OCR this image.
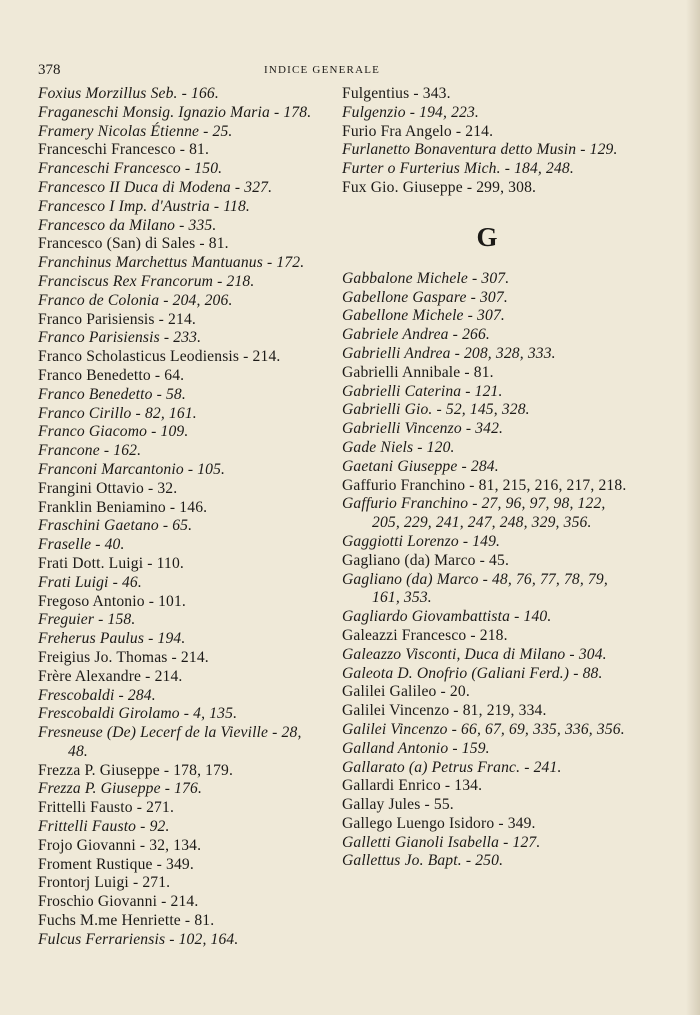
378	INDICE GENERALE
Foxius Morzillus Seb. - 166.
Fraganeschi Monsig. Ignazio Maria - 178.
Framery Nicolas Étienne - 25.
Franceschi Francesco - 81.
Franceschi Francesco - 150.
Francesco II Duca di Modena - 327.
Francesco I Imp. d'Austria - 118.
Francesco da Milano - 335.
Francesco (San) di Sales - 81.
Franchinus Marchettus Mantuanus - 172.
Franciscus Rex Francorum - 218.
Franco de Colonia - 204, 206.
Franco Parisiensis - 214.
Franco Parisiensis - 233.
Franco Scholasticus Leodiensis - 214.
Franco Benedetto - 64.
Franco Benedetto - 58.
Franco Cirillo - 82, 161.
Franco Giacomo - 109.
Francone - 162.
Franconi Marcantonio - 105.
Frangini Ottavio - 32.
Franklin Beniamino - 146.
Fraschini Gaetano - 65.
Fraselle - 40.
Frati Dott. Luigi - 110.
Frati Luigi - 46.
Fregoso Antonio - 101.
Freguier - 158.
Freherus Paulus - 194.
Freigius Jo. Thomas - 214.
Frère Alexandre - 214.
Frescobaldi - 284.
Frescobaldi Girolamo - 4, 135.
Fresneuse (De) Lecerf de la Vieville - 28, 48.
Frezza P. Giuseppe - 178, 179.
Frezza P. Giuseppe - 176.
Frittelli Fausto - 271.
Frittelli Fausto - 92.
Frojo Giovanni - 32, 134.
Froment Rustique - 349.
Frontorj Luigi - 271.
Froschio Giovanni - 214.
Fuchs M.me Henriette - 81.
Fulcus Ferrariensis - 102, 164.
Fulgentius - 343.
Fulgenzio - 194, 223.
Furio Fra Angelo - 214.
Furlanetto Bonaventura detto Musin - 129.
Furter o Furterius Mich. - 184, 248.
Fux Gio. Giuseppe - 299, 308.
G
Gabbalone Michele - 307.
Gabellone Gaspare - 307.
Gabellone Michele - 307.
Gabriele Andrea - 266.
Gabrielli Andrea - 208, 328, 333.
Gabrielli Annibale - 81.
Gabrielli Caterina - 121.
Gabrielli Gio. - 52, 145, 328.
Gabrielli Vincenzo - 342.
Gade Niels - 120.
Gaetani Giuseppe - 284.
Gaffurio Franchino - 81, 215, 216, 217, 218.
Gaffurio Franchino - 27, 96, 97, 98, 122, 205, 229, 241, 247, 248, 329, 356.
Gaggiotti Lorenzo - 149.
Gagliano (da) Marco - 45.
Gagliano (da) Marco - 48, 76, 77, 78, 79, 161, 353.
Gagliardo Giovambattista - 140.
Galeazzi Francesco - 218.
Galeazzo Visconti, Duca di Milano - 304.
Galeota D. Onofrio (Galiani Ferd.) - 88.
Galilei Galileo - 20.
Galilei Vincenzo - 81, 219, 334.
Galilei Vincenzo - 66, 67, 69, 335, 336, 356.
Galland Antonio - 159.
Gallarato (a) Petrus Franc. - 241.
Gallardi Enrico - 134.
Gallay Jules - 55.
Gallego Luengo Isidoro - 349.
Galletti Gianoli Isabella - 127.
Gallettus Jo. Bapt. - 250.
